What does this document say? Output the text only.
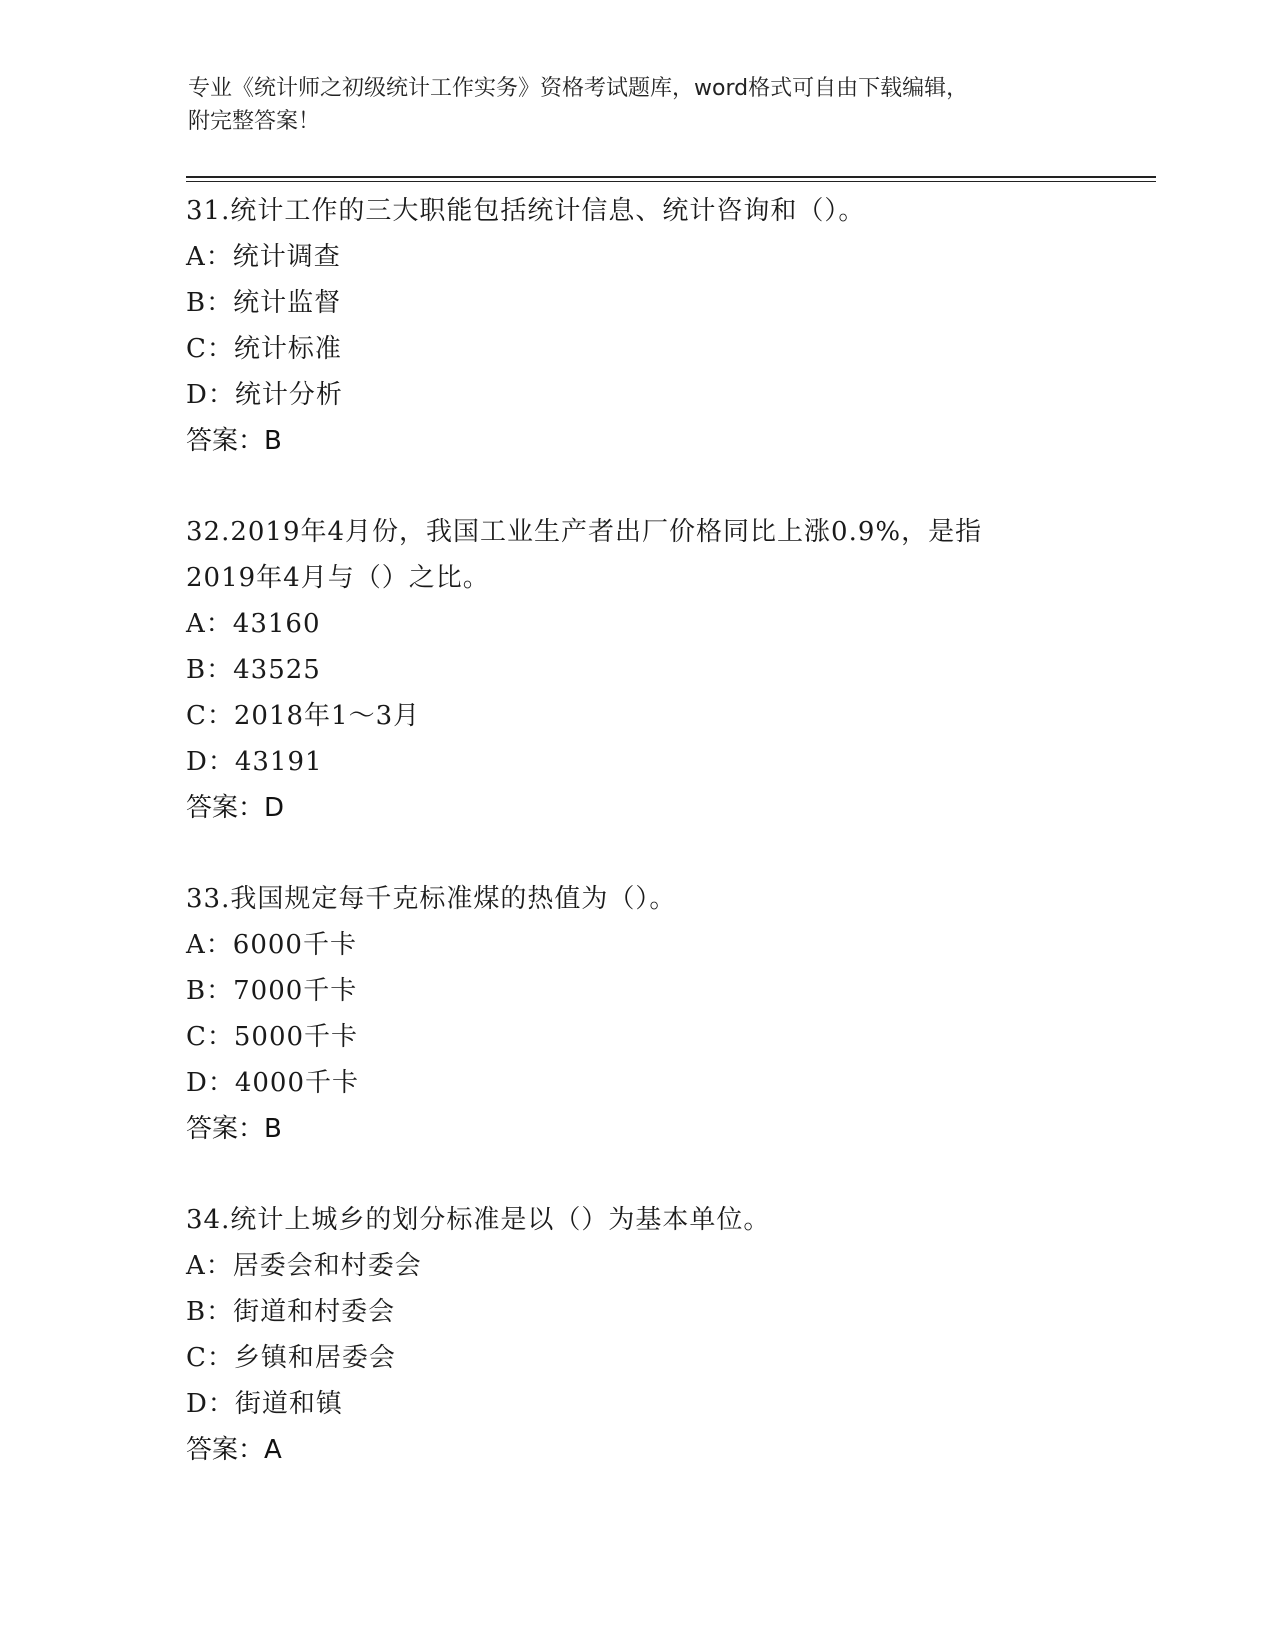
专业《统计师之初级统计工作实务》资格考试题库，word格式可自由下载编辑，
附完整答案！
31.统计工作的三大职能包括统计信息、统计咨询和（）。
A：统计调查
B：统计监督
C：统计标准
D：统计分析
答案：B
32.2019年4月份，我国工业生产者出厂价格同比上涨0.9%，是指
2019年4月与（）之比。
A：43160
B：43525
C：2018年1～3月
D：43191
答案：D
33.我国规定每千克标准煤的热值为（）。
A：6000千卡
B：7000千卡
C：5000千卡
D：4000千卡
答案：B
34.统计上城乡的划分标准是以（）为基本单位。
A：居委会和村委会
B：街道和村委会
C：乡镇和居委会
D：街道和镇
答案：A
